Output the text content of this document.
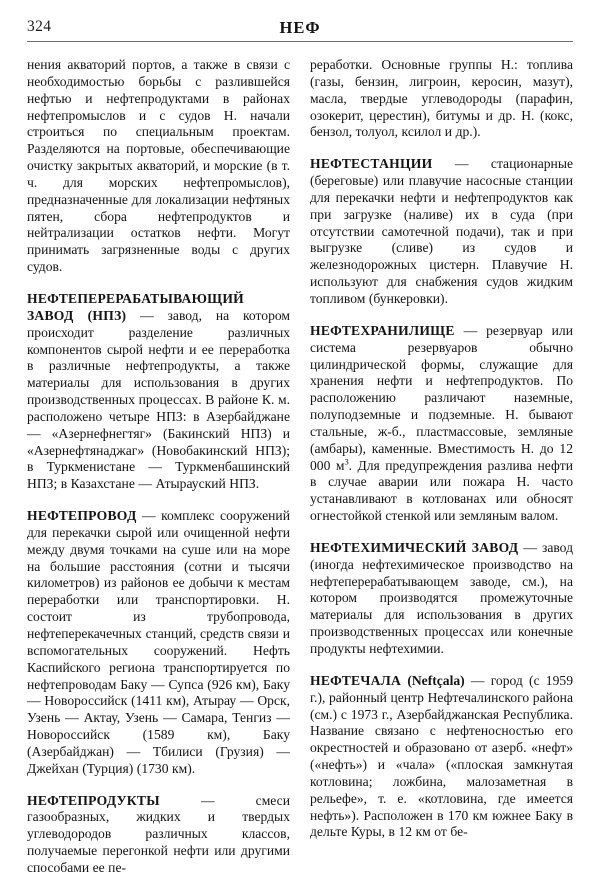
324	НЕФ

нения акваторий портов, а также в связи с необходимостью борьбы с разлившейся нефтью и нефтепродуктами в районах нефтепромыслов и с судов Н. начали строиться по специальным проектам. Разделяются на портовые, обеспечивающие очистку закрытых акваторий, и морские (в т. ч. для морских нефтепромыслов), предназначенные для локализации нефтяных пятен, сбора нефтепродуктов и нейтрализации остатков нефти. Могут принимать загрязненные воды с других судов.

НЕФТЕПЕРЕРАБАТЫВАЮЩИЙ ЗАВОД (НПЗ) — завод, на котором происходит разделение различных компонентов сырой нефти и ее переработка в различные нефтепродукты, а также материалы для использования в других производственных процессах. В районе К. м. расположено четыре НПЗ: в Азербайджане — «Азернефнегтяг» (Бакинский НПЗ) и «Азернефтянаджаг» (Новобакинский НПЗ); в Туркменистане — Туркменбашинский НПЗ; в Казахстане — Атырауский НПЗ.

НЕФТЕПРОВОД — комплекс сооружений для перекачки сырой или очищенной нефти между двумя точками на суше или на море на большие расстояния (сотни и тысячи километров) из районов ее добычи к местам переработки или транспортировки. Н. состоит из трубопровода, нефтеперекачечных станций, средств связи и вспомогательных сооружений. Нефть Каспийского региона транспортируется по нефтепроводам Баку — Супса (926 км), Баку — Новороссийск (1411 км), Атырау — Орск, Узень — Актау, Узень — Самара, Тенгиз — Новороссийск (1589 км), Баку (Азербайджан) — Тбилиси (Грузия) — Джейхан (Турция) (1730 км).

НЕФТЕПРОДУКТЫ — смеси газообразных, жидких и твердых углеводородов различных классов, получаемые перегонкой нефти или другими способами ее пе-

реработки. Основные группы Н.: топлива (газы, бензин, лигроин, керосин, мазут), масла, твердые углеводороды (парафин, озокерит, церестин), битумы и др. Н. (кокс, бензол, толуол, ксилол и др.).

НЕФТЕСТАНЦИИ — стационарные (береговые) или плавучие насосные станции для перекачки нефти и нефтепродуктов как при загрузке (наливе) их в суда (при отсутствии самотечной подачи), так и при выгрузке (сливе) из судов и железнодорожных цистерн. Плавучие Н. используют для снабжения судов жидким топливом (бункеровки).

НЕФТЕХРАНИЛИЩЕ — резервуар или система резервуаров обычно цилиндрической формы, служащие для хранения нефти и нефтепродуктов. По расположению различают наземные, полуподземные и подземные. Н. бывают стальные, ж-б., пластмассовые, земляные (амбары), каменные. Вместимость Н. до 12 000 $м^3$. Для предупреждения разлива нефти в случае аварии или пожара Н. часто устанавливают в котлованах или обносят огнестойкой стенкой или земляным валом.

НЕФТЕХИМИЧЕСКИЙ ЗАВОД — завод (иногда нефтехимическое производство на нефтеперерабатывающем заводе, см.), на котором производятся промежуточные материалы для использования в других производственных процессах или конечные продукты нефтехимии.

НЕФТЕЧАЛА (Neftçala) — город (с 1959 г.), районный центр Нефтечалинского района (см.) с 1973 г., Азербайджанская Республика. Название связано с нефтеносностью его окрестностей и образовано от азерб. «нефт» («нефть») и «чала» («плоская замкнутая котловина; ложбина, малозаметная в рельефе», т. е. «котловина, где имеется нефть»). Расположен в 170 км южнее Баку в дельте Куры, в 12 км от бе-
